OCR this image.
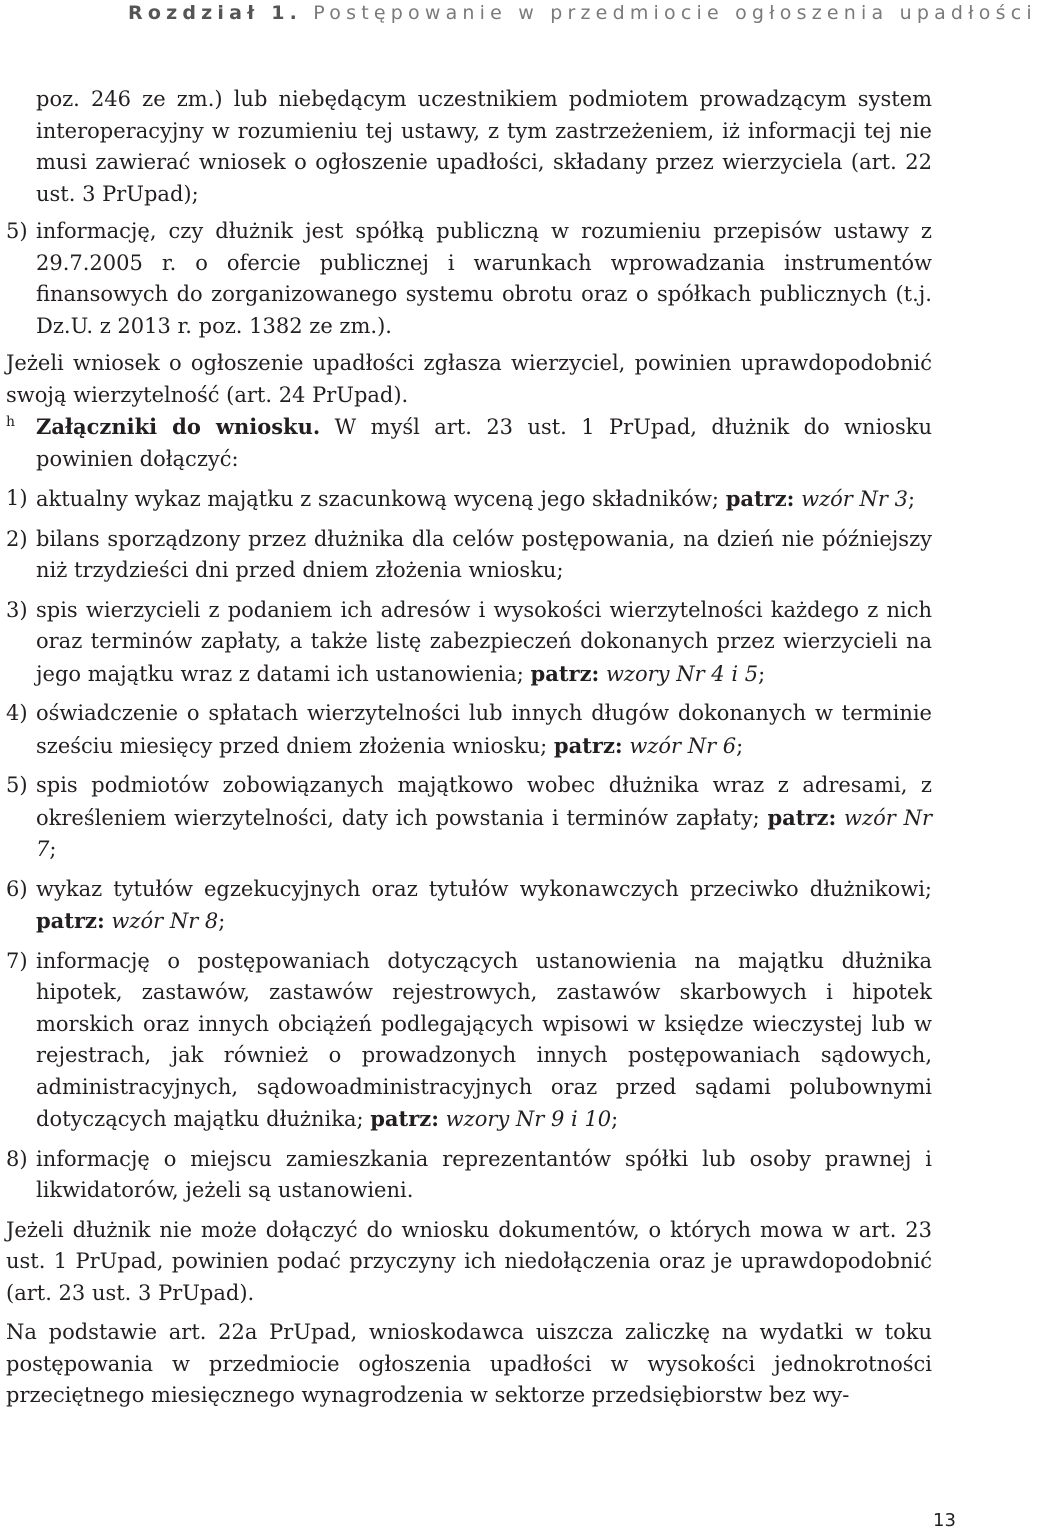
Rozdział 1. Postępowanie w przedmiocie ogłoszenia upadłości

poz. 246 ze zm.) lub niebędącym uczestnikiem podmiotem prowadzącym system interoperacyjny w rozumieniu tej ustawy, z tym zastrzeżeniem, iż informacji tej nie musi zawierać wniosek o ogłoszenie upadłości, składany przez wierzyciela (art. 22 ust. 3 PrUpad);

5) informację, czy dłużnik jest spółką publiczną w rozumieniu przepisów ustawy z 29.7.2005 r. o ofercie publicznej i warunkach wprowadzania instrumentów finansowych do zorganizowanego systemu obrotu oraz o spółkach publicznych (t.j. Dz.U. z 2013 r. poz. 1382 ze zm.).

Jeżeli wniosek o ogłoszenie upadłości zgłasza wierzyciel, powinien uprawdopodobnić swoją wierzytelność (art. 24 PrUpad).

h Załączniki do wniosku. W myśl art. 23 ust. 1 PrUpad, dłużnik do wniosku powinien dołączyć:

1) aktualny wykaz majątku z szacunkową wyceną jego składników; patrz: wzór Nr 3;

2) bilans sporządzony przez dłużnika dla celów postępowania, na dzień nie późniejszy niż trzydzieści dni przed dniem złożenia wniosku;

3) spis wierzycieli z podaniem ich adresów i wysokości wierzytelności każdego z nich oraz terminów zapłaty, a także listę zabezpieczeń dokonanych przez wierzycieli na jego majątku wraz z datami ich ustanowienia; patrz: wzory Nr 4 i 5;

4) oświadczenie o spłatach wierzytelności lub innych długów dokonanych w terminie sześciu miesięcy przed dniem złożenia wniosku; patrz: wzór Nr 6;

5) spis podmiotów zobowiązanych majątkowo wobec dłużnika wraz z adresami, z określeniem wierzytelności, daty ich powstania i terminów zapłaty; patrz: wzór Nr 7;

6) wykaz tytułów egzekucyjnych oraz tytułów wykonawczych przeciwko dłużnikowi; patrz: wzór Nr 8;

7) informację o postępowaniach dotyczących ustanowienia na majątku dłużnika hipotek, zastawów, zastawów rejestrowych, zastawów skarbowych i hipotek morskich oraz innych obciążeń podlegających wpisowi w księdze wieczystej lub w rejestrach, jak również o prowadzonych innych postępowaniach sądowych, administracyjnych, sądowoadministracyjnych oraz przed sądami polubownymi dotyczących majątku dłużnika; patrz: wzory Nr 9 i 10;

8) informację o miejscu zamieszkania reprezentantów spółki lub osoby prawnej i likwidatorów, jeżeli są ustanowieni.

Jeżeli dłużnik nie może dołączyć do wniosku dokumentów, o których mowa w art. 23 ust. 1 PrUpad, powinien podać przyczyny ich niedołączenia oraz je uprawdopodobnić (art. 23 ust. 3 PrUpad).

Na podstawie art. 22a PrUpad, wnioskodawca uiszcza zaliczkę na wydatki w toku postępowania w przedmiocie ogłoszenia upadłości w wysokości jednokrotności przeciętnego miesięcznego wynagrodzenia w sektorze przedsiębiorstw bez wy-

13
